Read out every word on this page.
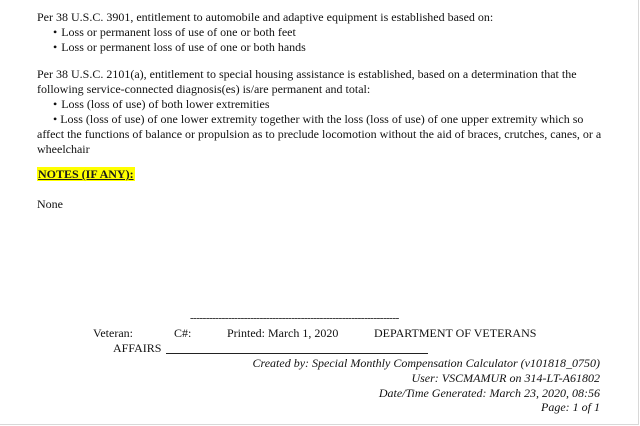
Per 38 U.S.C. 3901, entitlement to automobile and adaptive equipment is established based on:

• Loss or permanent loss of use of one or both feet

• Loss or permanent loss of use of one or both hands

Per 38 U.S.C. 2101(a), entitlement to special housing assistance is established, based on a determination that the following service-connected diagnosis(es) is/are permanent and total:

• Loss (loss of use) of both lower extremities

• Loss (loss of use) of one lower extremity together with the loss (loss of use) of one upper extremity which so affect the functions of balance or propulsion as to preclude locomotion without the aid of braces, crutches, canes, or a wheelchair

NOTES (IF ANY):
None
------------------------------------------------------------------
Veteran:	C#:	Printed: March 1, 2020	DEPARTMENT OF VETERANS
AFFAIRS
Created by: Special Monthly Compensation Calculator (v101818_0750)
User: VSCMAMUR on 314-LT-A61802
Date/Time Generated: March 23, 2020, 08:56
Page: 1 of 1
